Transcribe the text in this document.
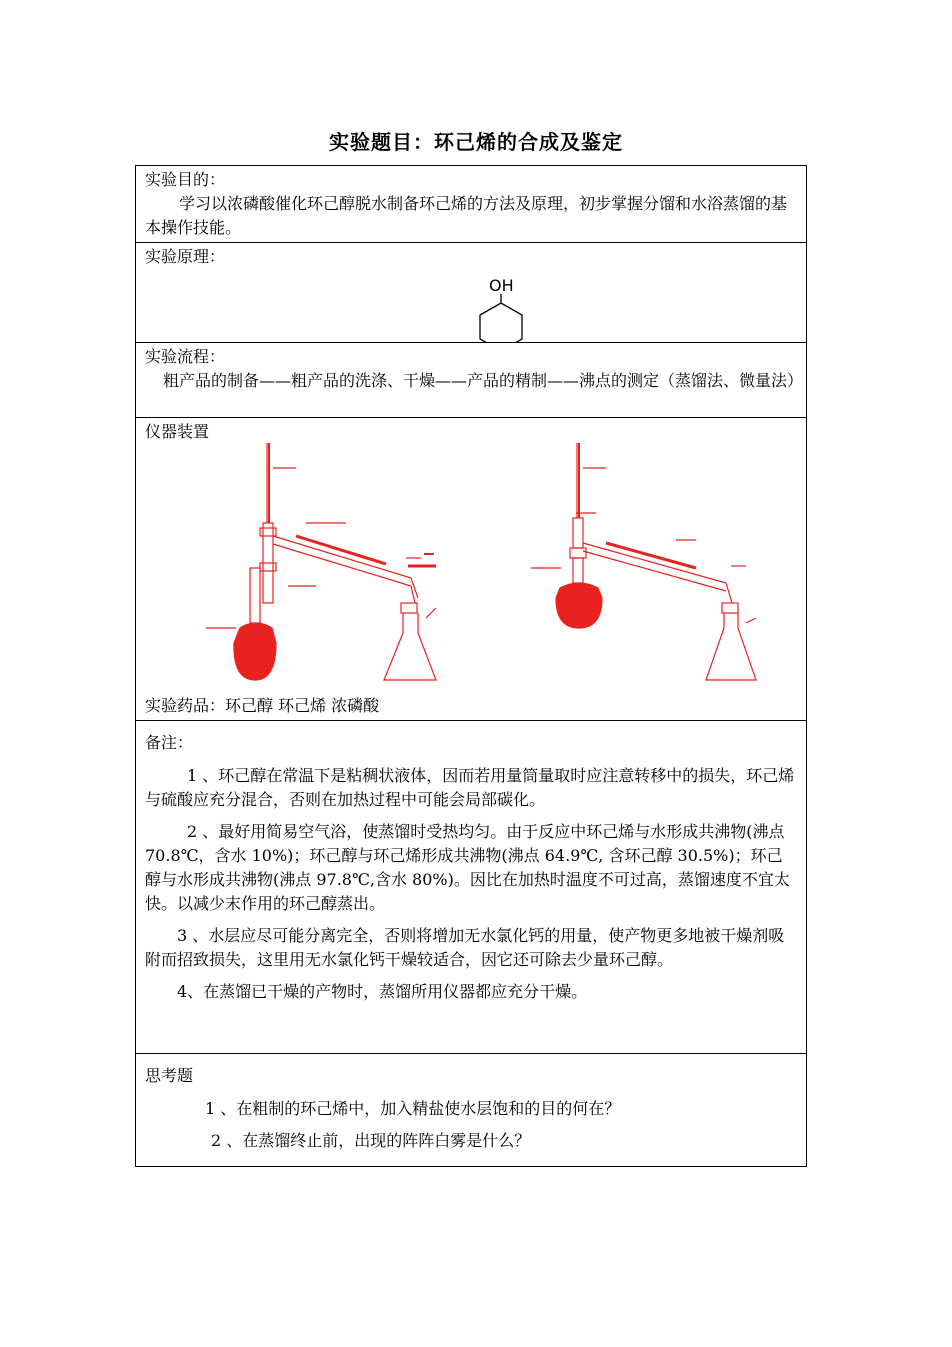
实验题目：环己烯的合成及鉴定
实验目的：
学习以浓磷酸催化环己醇脱水制备环己烯的方法及原理，初步掌握分馏和水浴蒸馏的基本操作技能。
实验原理：
OH
实验流程：
粗产品的制备——粗产品的洗涤、干燥——产品的精制——沸点的测定（蒸馏法、微量法）
仪器装置
实验药品：环己醇 环己烯 浓磷酸
备注：

1 、环己醇在常温下是粘稠状液体，因而若用量筒量取时应注意转移中的损失，环己烯与硫酸应充分混合，否则在加热过程中可能会局部碳化。

2 、最好用简易空气浴，使蒸馏时受热均匀。由于反应中环己烯与水形成共沸物(沸点 70.8℃，含水 10%)；环己醇与环己烯形成共沸物(沸点 64.9℃, 含环己醇 30.5%)；环己醇与水形成共沸物(沸点 97.8℃,含水 80%)。因比在加热时温度不可过高，蒸馏速度不宜太快。以减少末作用的环己醇蒸出。

3 、水层应尽可能分离完全，否则将增加无水氯化钙的用量，使产物更多地被干燥剂吸附而招致损失，这里用无水氯化钙干燥较适合，因它还可除去少量环己醇。

4、在蒸馏已干燥的产物时，蒸馏所用仪器都应充分干燥。

思考题

1 、在粗制的环己烯中，加入精盐使水层饱和的目的何在？

2 、在蒸馏终止前，出现的阵阵白雾是什么？
